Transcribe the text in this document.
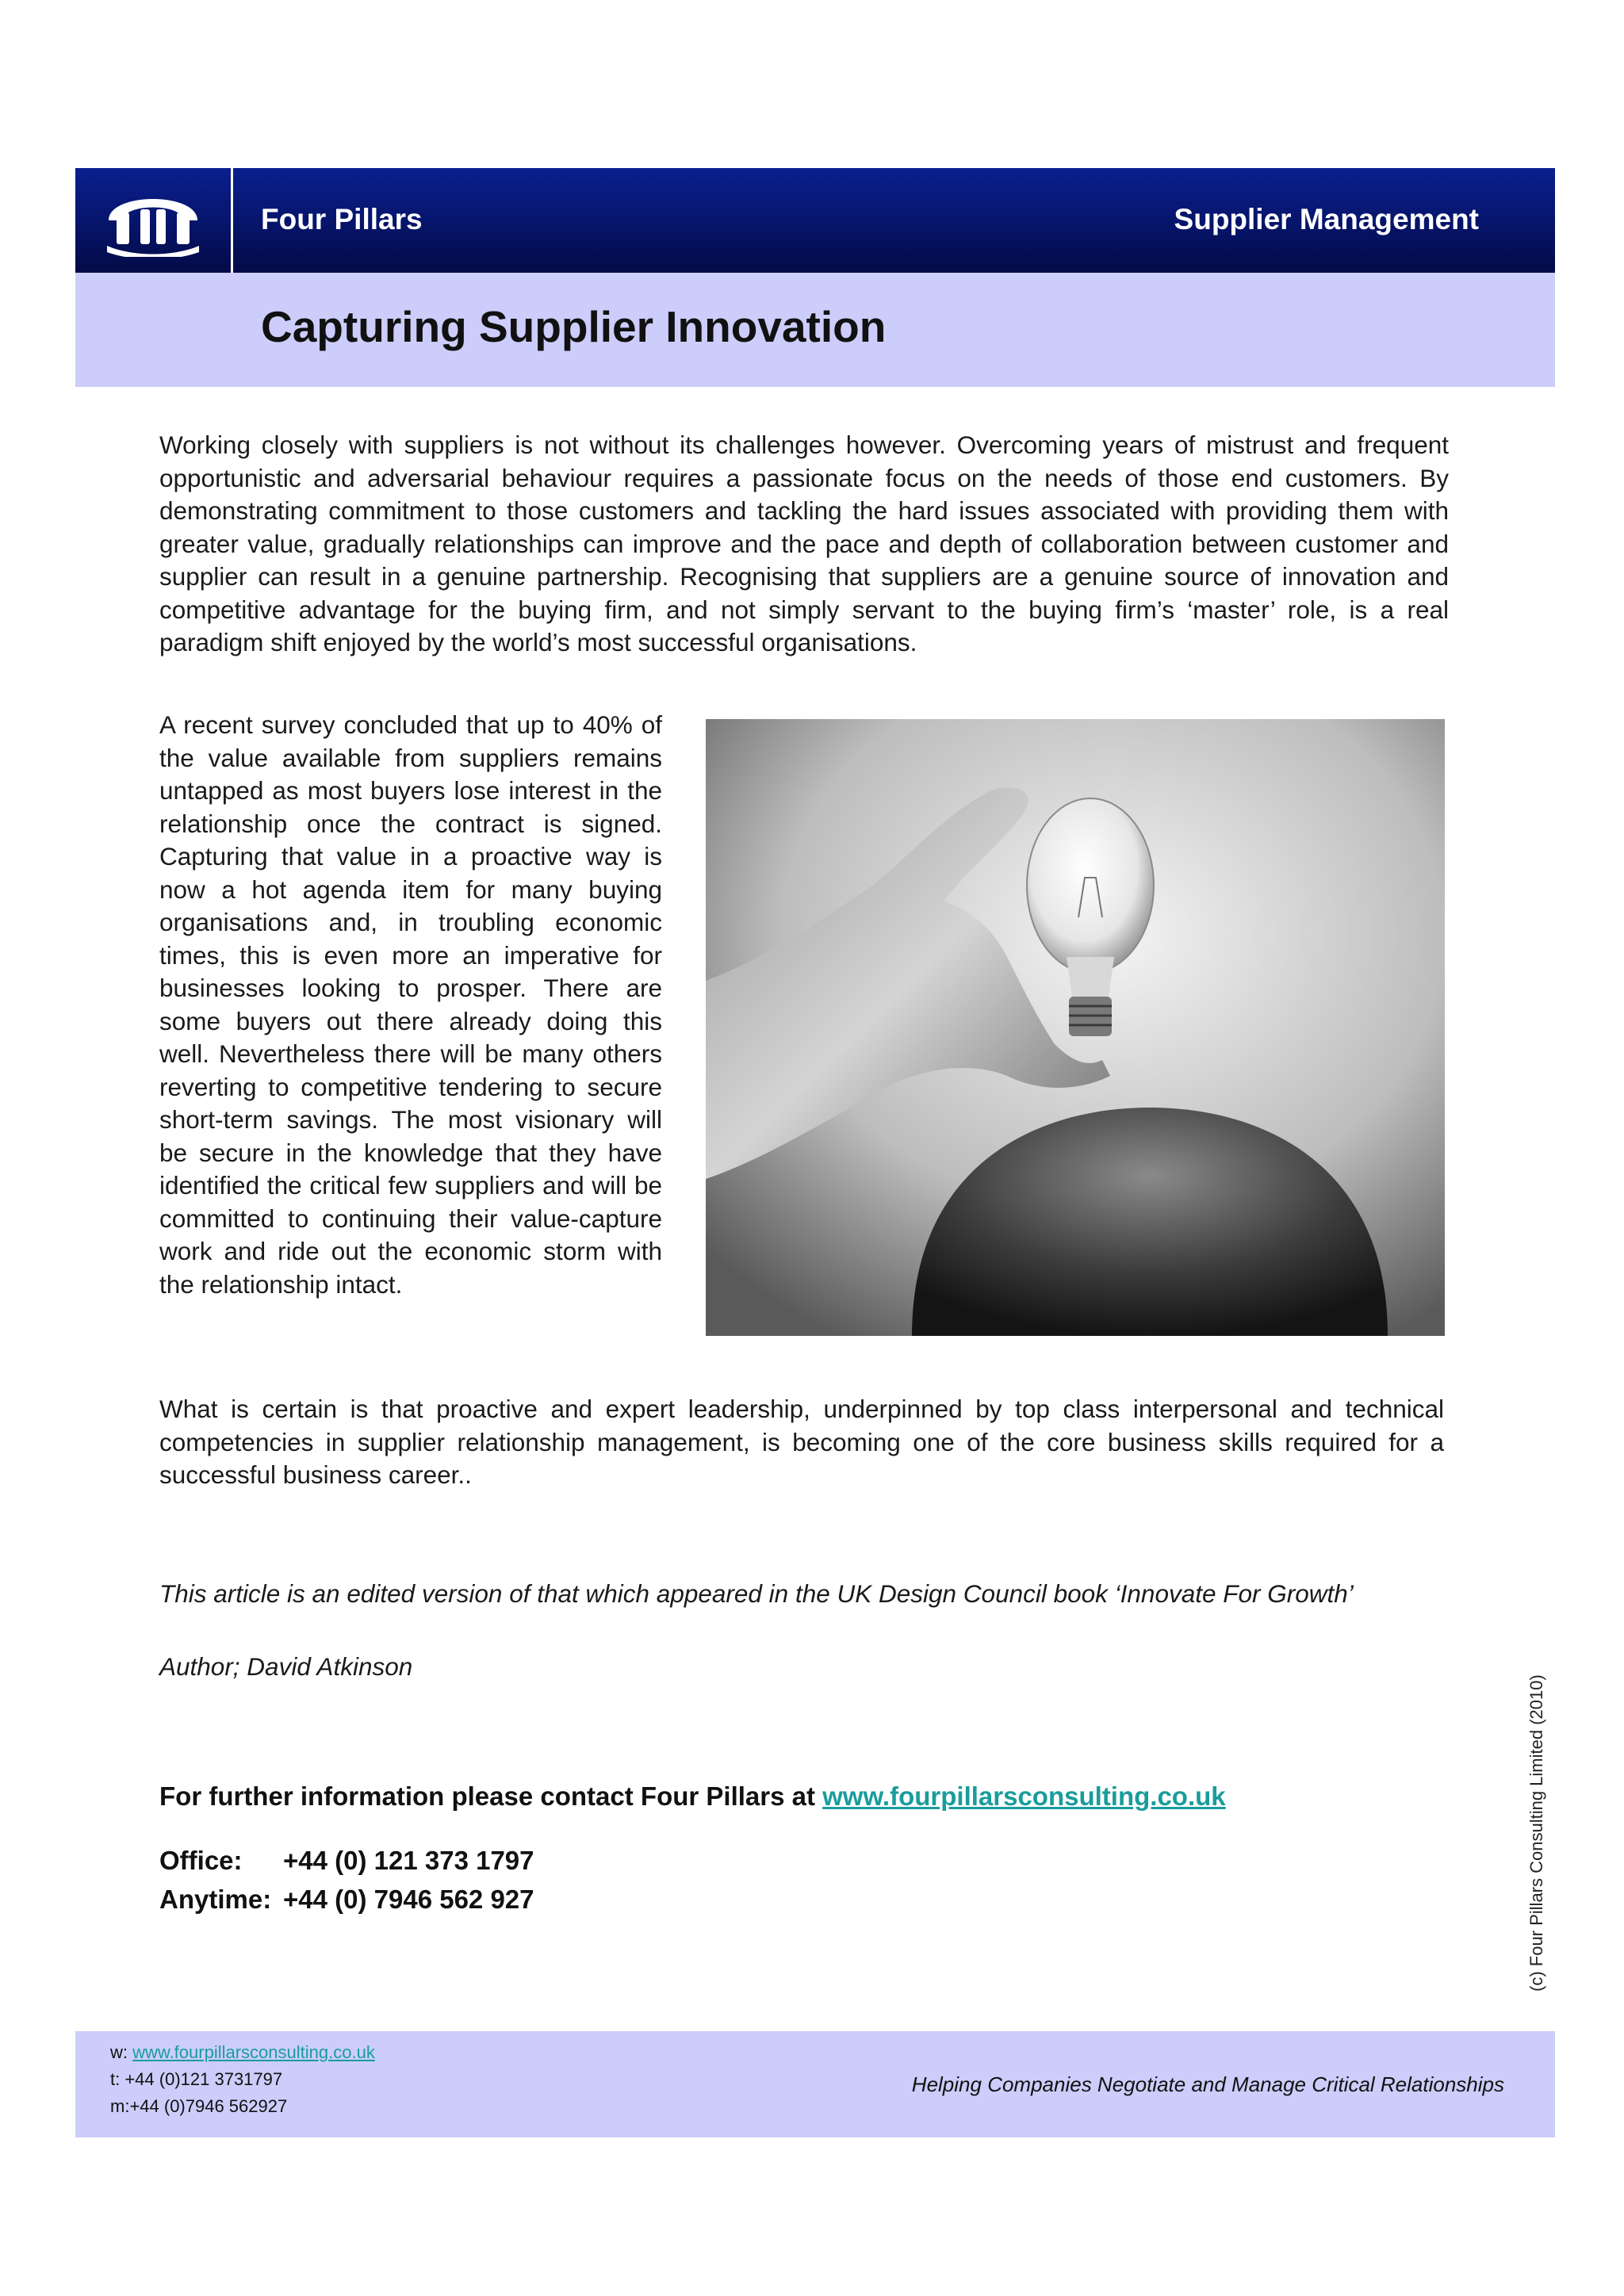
Four Pillars	Supplier Management
Capturing Supplier Innovation

Working closely with suppliers is not without its challenges however. Overcoming years of mistrust and frequent opportunistic and adversarial behaviour requires a passionate focus on the needs of those end customers. By demonstrating commitment to those customers and tackling the hard issues associated with providing them with greater value, gradually relationships can improve and the pace and depth of collaboration between customer and supplier can result in a genuine partnership. Recognising that suppliers are a genuine source of innovation and competitive advantage for the buying firm, and not simply servant to the buying firm’s ‘master’ role, is a real paradigm shift enjoyed by the world’s most successful organisations.

A recent survey concluded that up to 40% of the value available from suppliers remains untapped as most buyers lose interest in the relationship once the contract is signed. Capturing that value in a proactive way is now a hot agenda item for many buying organisations and, in troubling economic times, this is even more an imperative for businesses looking to prosper. There are some buyers out there already doing this well. Nevertheless there will be many others reverting to competitive tendering to secure short-term savings. The most visionary will be secure in the knowledge that they have identified the critical few suppliers and will be committed to continuing their value-capture work and ride out the economic storm with the relationship intact.

What is certain is that proactive and expert leadership, underpinned by top class interpersonal and technical competencies in supplier relationship management, is becoming one of the core business skills required for a successful business career..

This article is an edited version of that which appeared in the UK Design Council book ‘Innovate For Growth’

Author; David Atkinson

For further information please contact Four Pillars at www.fourpillarsconsulting.co.uk

Office: +44 (0) 121 373 1797

Anytime: +44 (0) 7946 562 927	(c) Four Pillars Consulting Limited (2010)
w: www.fourpillarsconsulting.co.uk
t: +44 (0)121 3731797
m:+44 (0)7946 562927
Helping Companies Negotiate and Manage Critical Relationships
